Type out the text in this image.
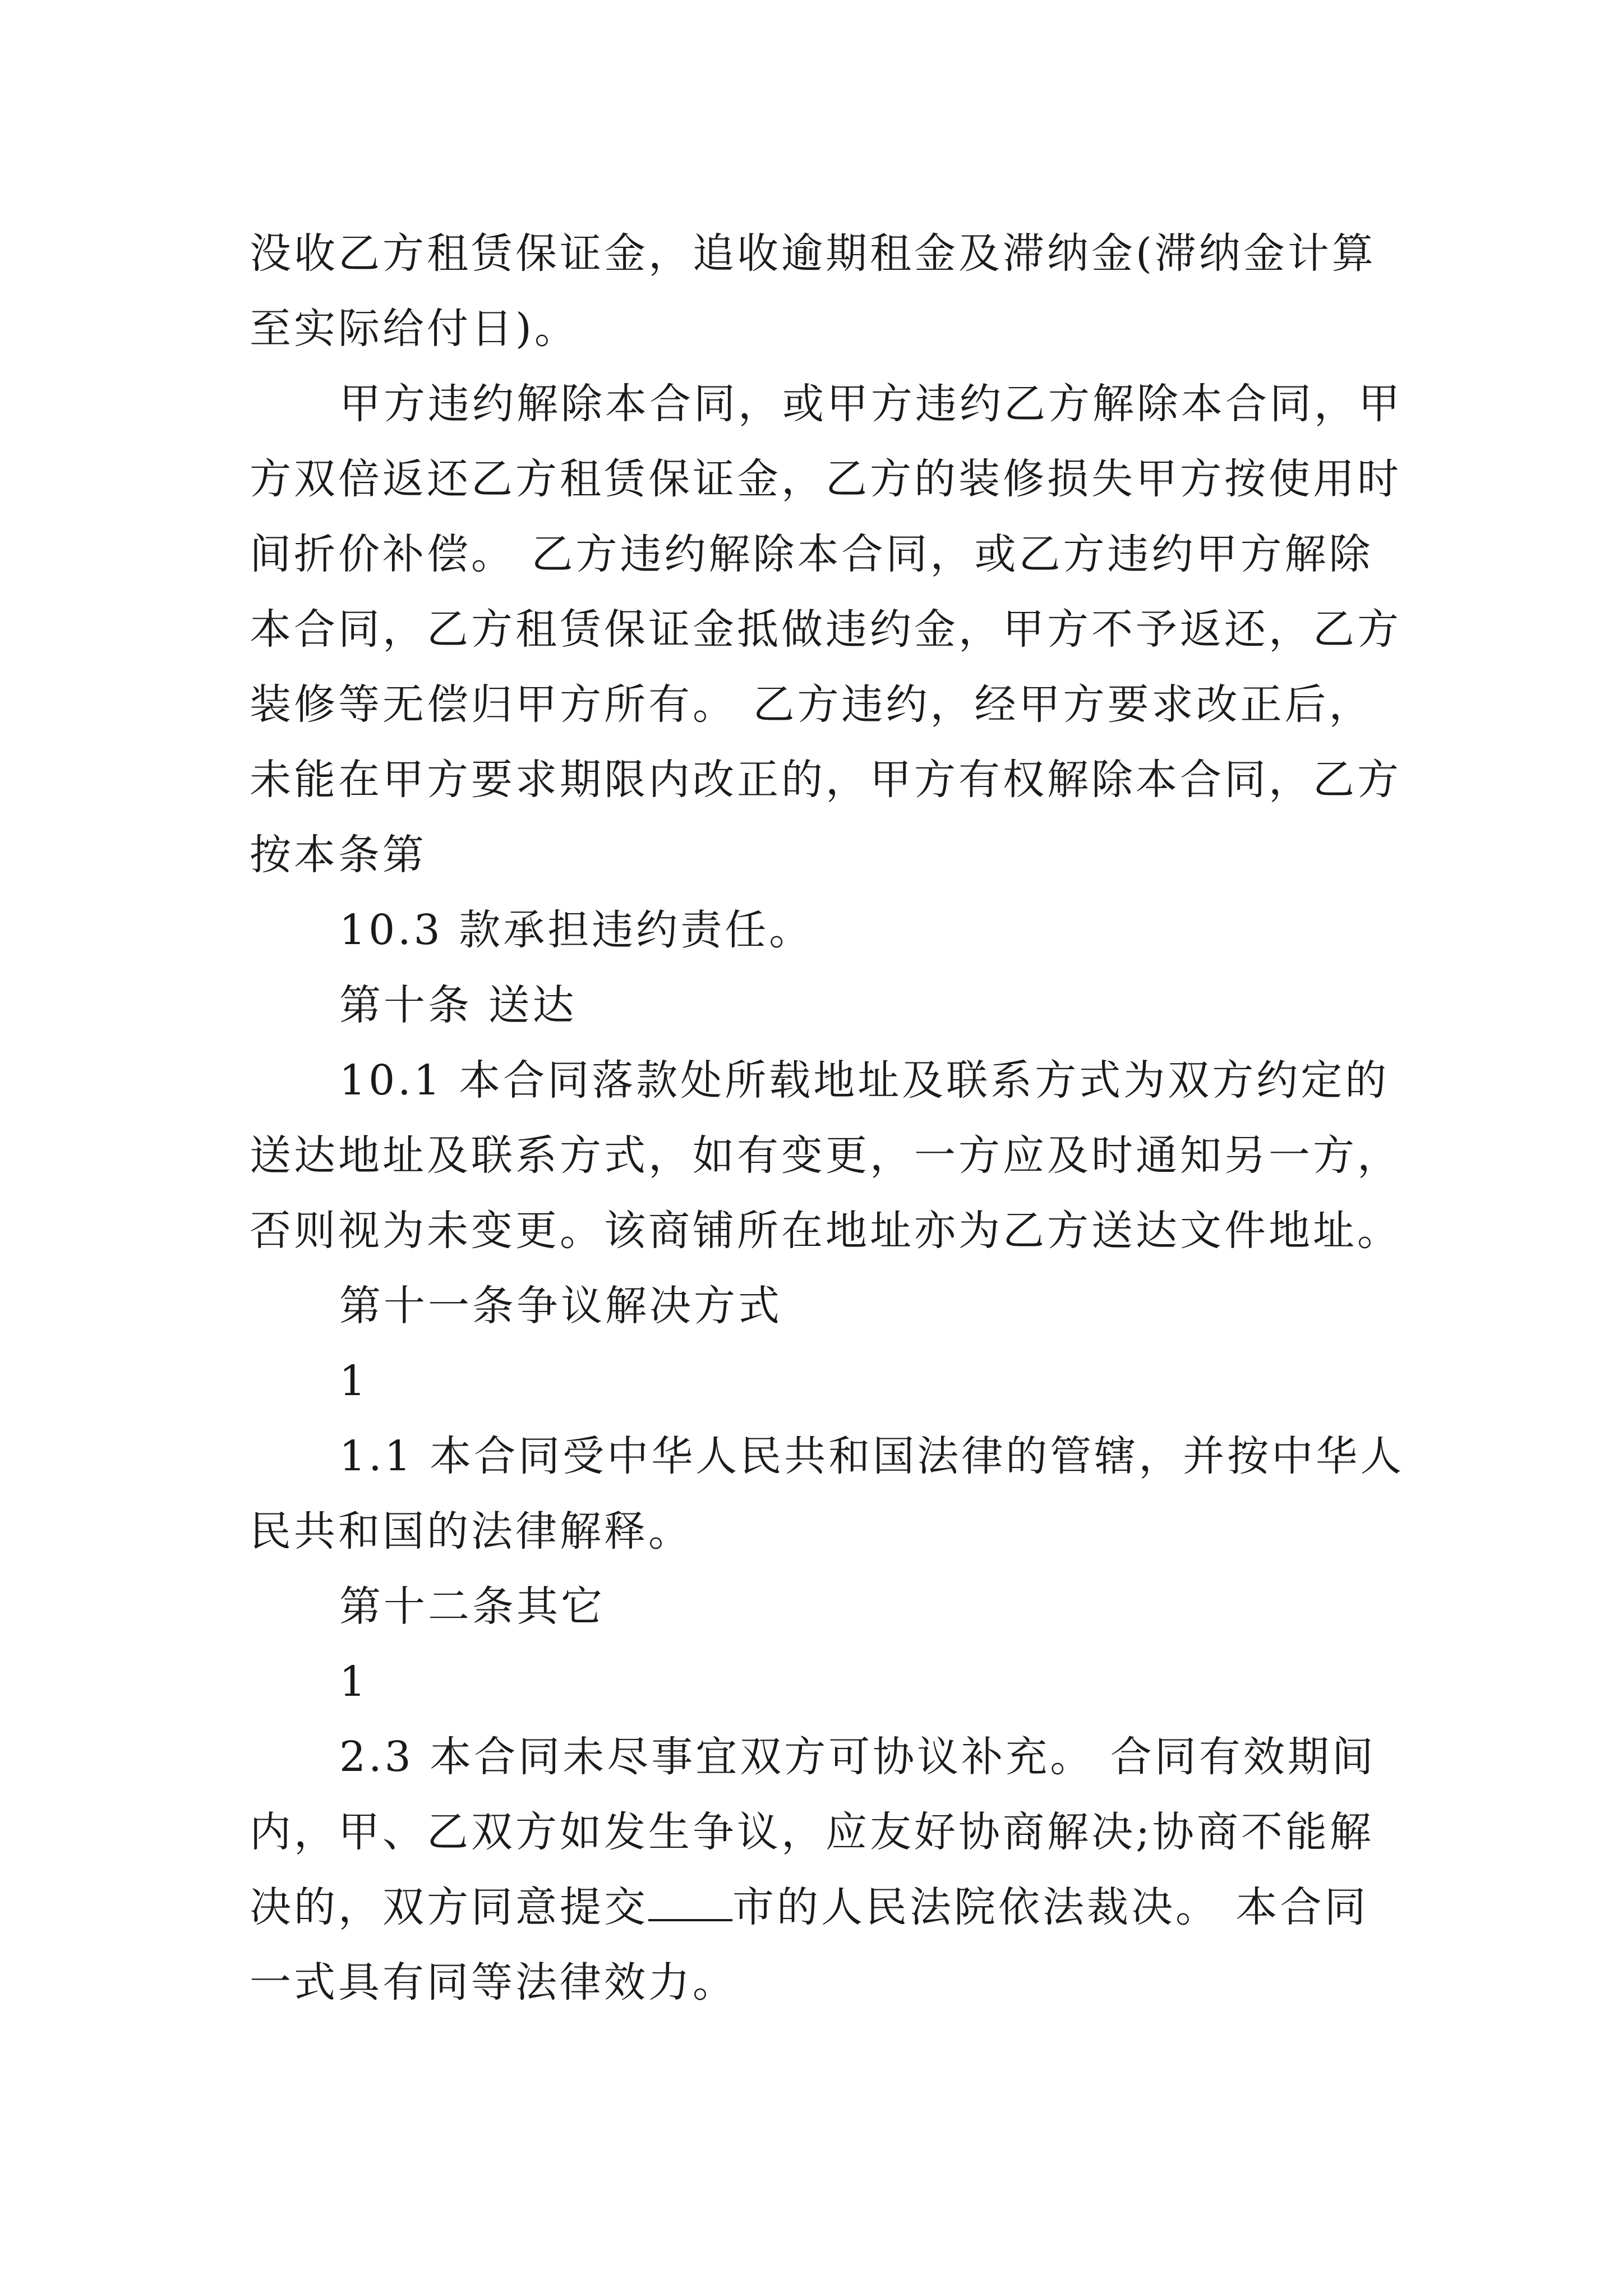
没收乙方租赁保证金，追收逾期租金及滞纳金(滞纳金计算
至实际给付日)。
甲方违约解除本合同，或甲方违约乙方解除本合同，甲
方双倍返还乙方租赁保证金，乙方的装修损失甲方按使用时
间折价补偿。 乙方违约解除本合同，或乙方违约甲方解除
本合同，乙方租赁保证金抵做违约金，甲方不予返还，乙方
装修等无偿归甲方所有。 乙方违约，经甲方要求改正后，
未能在甲方要求期限内改正的，甲方有权解除本合同，乙方
按本条第
10.3 款承担违约责任。
第十条 送达
10.1 本合同落款处所载地址及联系方式为双方约定的
送达地址及联系方式，如有变更，一方应及时通知另一方，
否则视为未变更。该商铺所在地址亦为乙方送达文件地址。
第十一条争议解决方式
1
1.1 本合同受中华人民共和国法律的管辖，并按中华人
民共和国的法律解释。
第十二条其它
1
2.3 本合同未尽事宜双方可协议补充。 合同有效期间
内，甲、乙双方如发生争议，应友好协商解决;协商不能解
决的，双方同意提交 市的人民法院依法裁决。 本合同
一式具有同等法律效力。
